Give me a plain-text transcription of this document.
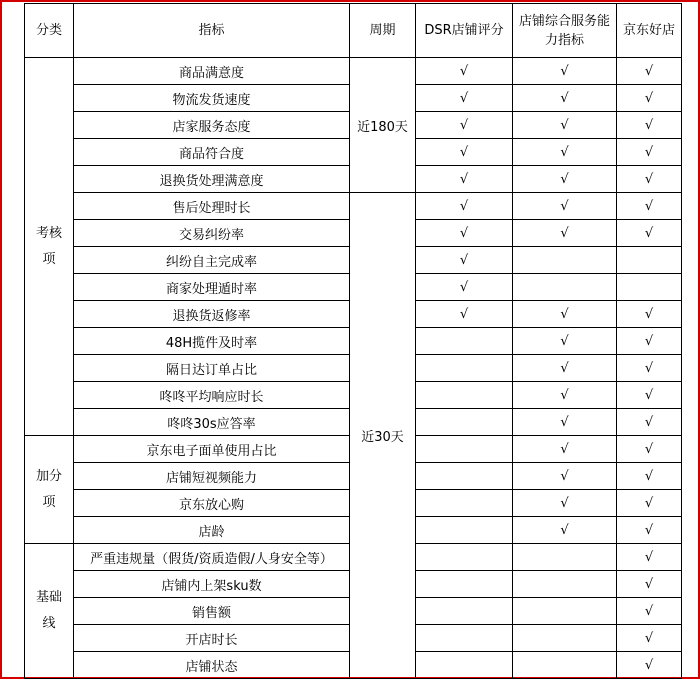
分类	指标	周期	DSR店铺评分	店铺综合服务能力指标	京东好店
考核项	商品满意度	近180天	√	√	√
	物流发货速度		√	√	√
	店家服务态度		√	√	√
	商品符合度		√	√	√
	退换货处理满意度		√	√	√
	售后处理时长	近30天	√	√	√
	交易纠纷率		√	√	√
	纠纷自主完成率		√		
	商家处理遁时率		√		
	退换货返修率		√	√	√
	48H揽件及时率			√	√
	隔日达订单占比			√	√
	咚咚平均响应时长			√	√
	咚咚30s应答率			√	√
加分项	京东电子面单使用占比			√	√
	店铺短视频能力			√	√
	京东放心购			√	√
	店龄			√	√
基础线	严重违规量（假货/资质造假/人身安全等）				√
	店铺内上架sku数				√
	销售额				√
	开店时长				√
	店铺状态				√
